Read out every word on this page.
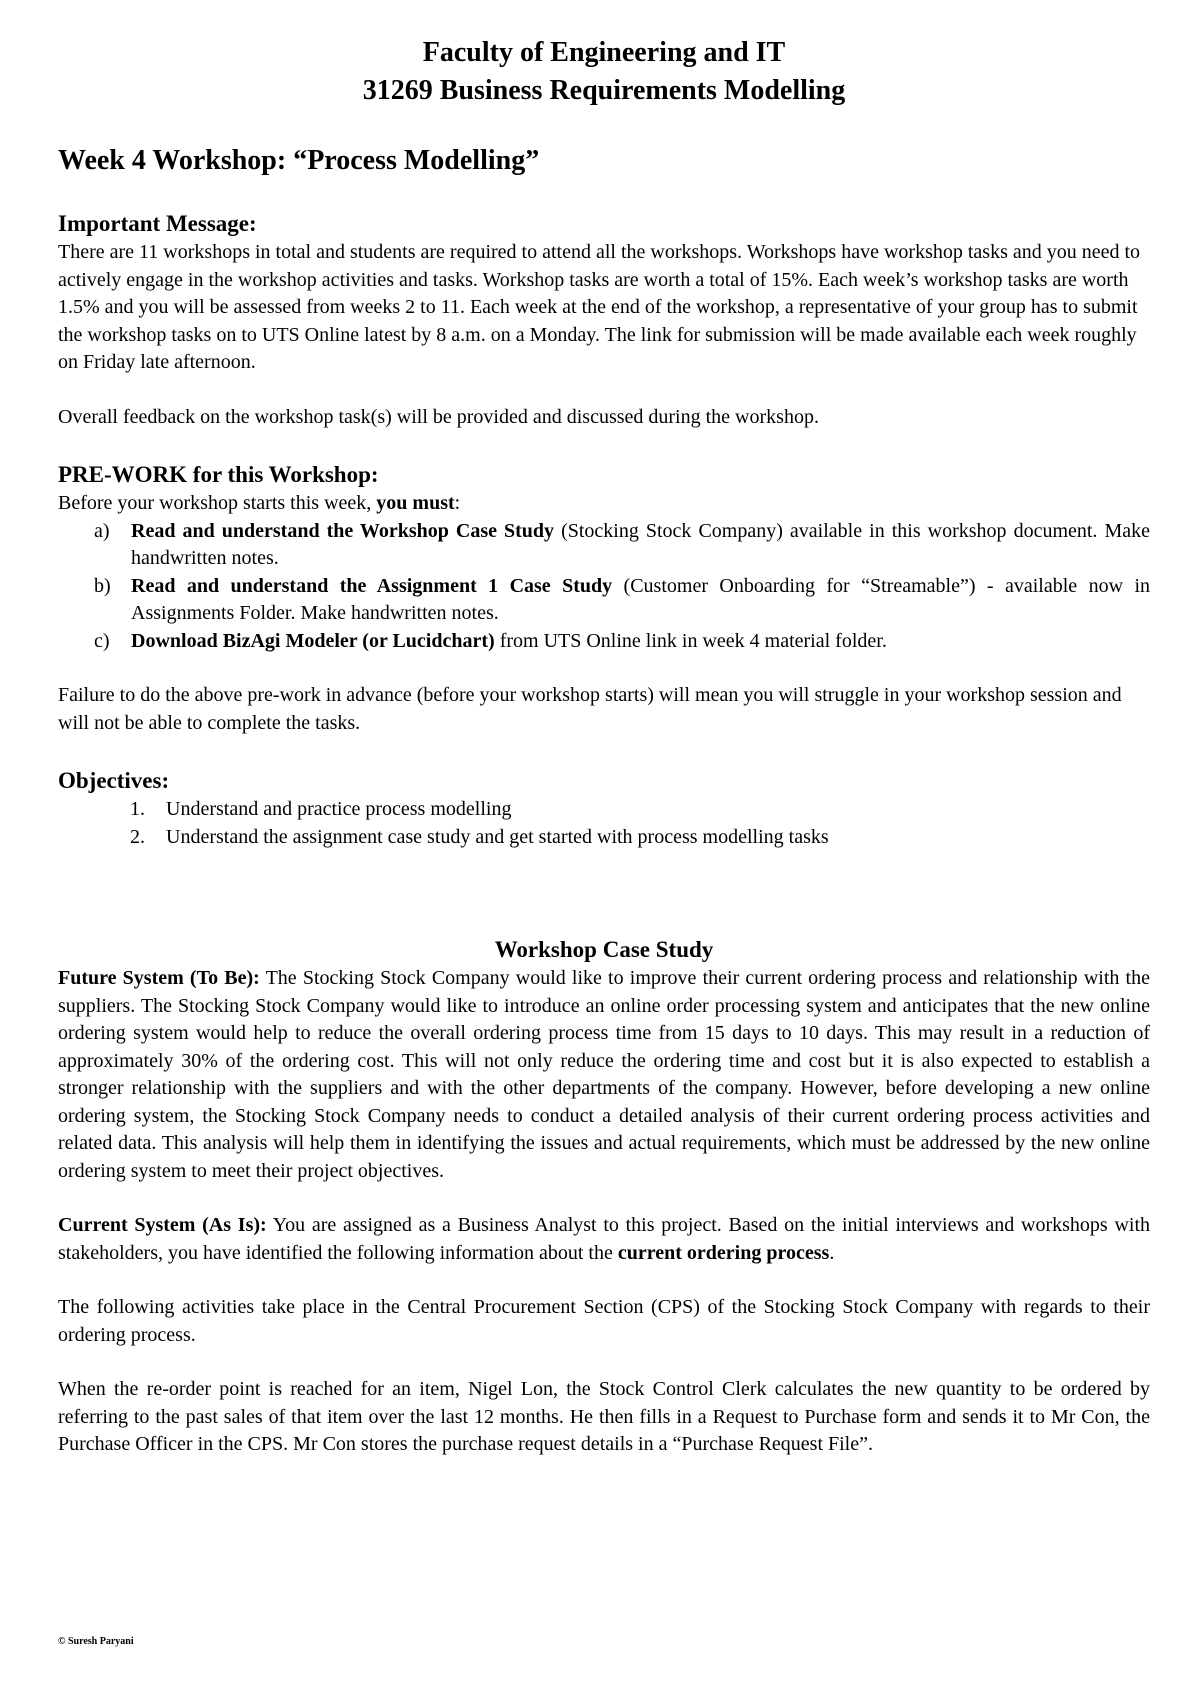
Faculty of Engineering and IT
31269 Business Requirements Modelling
Week 4 Workshop: “Process Modelling”
Important Message:

There are 11 workshops in total and students are required to attend all the workshops. Workshops have workshop tasks and you need to actively engage in the workshop activities and tasks. Workshop tasks are worth a total of 15%. Each week’s workshop tasks are worth 1.5% and you will be assessed from weeks 2 to 11. Each week at the end of the workshop, a representative of your group has to submit the workshop tasks on to UTS Online latest by 8 a.m. on a Monday. The link for submission will be made available each week roughly on Friday late afternoon.

Overall feedback on the workshop task(s) will be provided and discussed during the workshop.

PRE-WORK for this Workshop:

Before your workshop starts this week, you must:

a) Read and understand the Workshop Case Study (Stocking Stock Company) available in this workshop document. Make handwritten notes.
b) Read and understand the Assignment 1 Case Study (Customer Onboarding for “Streamable”) - available now in Assignments Folder. Make handwritten notes.
c) Download BizAgi Modeler (or Lucidchart) from UTS Online link in week 4 material folder.

Failure to do the above pre-work in advance (before your workshop starts) will mean you will struggle in your workshop session and will not be able to complete the tasks.

Objectives:
1. Understand and practice process modelling
2. Understand the assignment case study and get started with process modelling tasks
Workshop Case Study

Future System (To Be): The Stocking Stock Company would like to improve their current ordering process and relationship with the suppliers. The Stocking Stock Company would like to introduce an online order processing system and anticipates that the new online ordering system would help to reduce the overall ordering process time from 15 days to 10 days. This may result in a reduction of approximately 30% of the ordering cost. This will not only reduce the ordering time and cost but it is also expected to establish a stronger relationship with the suppliers and with the other departments of the company. However, before developing a new online ordering system, the Stocking Stock Company needs to conduct a detailed analysis of their current ordering process activities and related data. This analysis will help them in identifying the issues and actual requirements, which must be addressed by the new online ordering system to meet their project objectives.

Current System (As Is): You are assigned as a Business Analyst to this project. Based on the initial interviews and workshops with stakeholders, you have identified the following information about the current ordering process.

The following activities take place in the Central Procurement Section (CPS) of the Stocking Stock Company with regards to their ordering process.

When the re-order point is reached for an item, Nigel Lon, the Stock Control Clerk calculates the new quantity to be ordered by referring to the past sales of that item over the last 12 months. He then fills in a Request to Purchase form and sends it to Mr Con, the Purchase Officer in the CPS. Mr Con stores the purchase request details in a “Purchase Request File”.

© Suresh Paryani
